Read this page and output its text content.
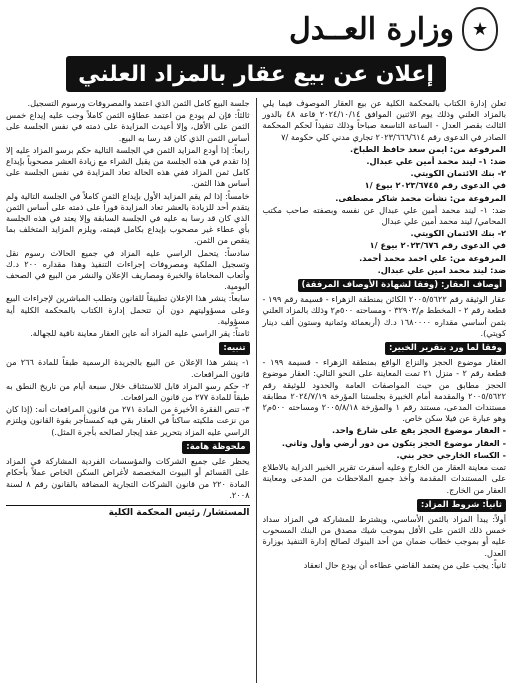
★
وزارة العــدل
إعلان عن بيع عقار بالمزاد العلني

تعلن إدارة الكتاب بالمحكمة الكلية عن بيع العقار الموصوف فيما يلي بالمزاد العلني وذلك يوم الاثنين الموافق ٢٠٢٤/١٠/١٤ قاعة ٤٨ بالدور الثالث بقصر العدل - الساعة التاسعة صباحاً وذلك تنفيذاً لحكم المحكمة الصادر في الدعوى رقم ٢٠٢٣/٦٦٦/٦١٤ تجاري مدني كلي حكومة /٧

المرفوعة من: ايمن سعد حافظ الطباخ.

ضد: ١- ليند محمد أمين علي عبدال.

٢- بنك الائتمان الكويتي.

في الدعوى رقم ٢٠٢٣/٦٧٤٥ بيوع /١

المرفوعة من: نشأت محمد شاكر مصطفى.

ضد: ١- ليند محمد أمين علي عبدال عن نفسه وبصفته صاحب مكتب المحامي/ ليند محمد أمين علي عبدال

٢- بنك الائتمان الكويتي.

في الدعوى رقم ٢٠٢٣/٦٧٦ بيوع /١

المرفوعة من: علي احمد محمد أحمد.

ضد: ليند محمد امين علي عبدال.

أوصاف العقار: (وفقا لشهادة الأوصاف المرفقة)

عقار الوثيقة رقم ٢٠٠٥/٥٦٢٢ الكائن بمنطقة الزهراء - قسيمة رقم ١٩٩ - قطعة رقم ٢ - المخطط م/٣٢٩٠٣ - ومساحته ٥٠٠م٢ وذلك بالمزاد العلني بثمن أساسي مقداره ١٦٨٠٠٠٠ د.ك (أربعمائة وثمانية وستون ألف دينار كويتي).

وفقا لما ورد بتقرير الخبير:

العقار موضوع الحجز والنزاع الواقع بمنطقة الزهراء - قسيمة ١٩٩ - قطعة رقم ٢ - منزل ٢١ تمت المعاينة على النحو التالي: العقار موضوع الحجز مطابق من حيث المواصفات العامة والحدود للوثيقة رقم ٢٠٠٥/٥٦٢٢ والمقدمة أمام الخبيرة بجلستنا المؤرخة ٢٠٢٤/٧/١٩ مطابقة مستندات المدعى، مستند رقم ١ والمؤرخة ٢٠٠٥/٨/١٨ ومساحته ٥٠٠م٢ وهو عبارة عن فيلا سكن خاص.

- العقار موضوع الحجز يقع على شارع واحد.

- العقار موضوع الحجز يتكون من دور أرضي وأول وثاني.

- الكساء الخارجي حجر بني.

تمت معاينة العقار من الخارج وعليه أسفرت تقرير الخبير الدراية بالاطلاع على المستندات المقدمة وأخذ جميع الملاحظات من المدعى ومعاينة العقار من الخارج.

ثانياً: شروط المزاد:

أولاً: يبدأ المزاد بالثمن الأساسي، ويشترط للمشاركة في المزاد سداد خمس ذلك الثمن على الأقل بموجب شيك مصدق من البنك المسحوب عليه أو بموجب خطاب ضمان من أحد البنوك لصالح إدارة التنفيذ بوزارة العدل.

ثانياً: يجب على من يعتمد القاضي عطاءه أن يودع حال انعقاد

جلسة البيع كامل الثمن الذي اعتمد والمصروفات ورسوم التسجيل.

ثالثاً: فإن لم يودع من اعتمد عطاؤه الثمن كاملاً وجب عليه إيداع خمس الثمن على الأقل، وإلا أعيدت المزايدة على ذمته في نفس الجلسة على أساس الثمن الذي كان قد رسا به البيع.

رابعاً: إذا أودع المزايد الثمن في الجلسة التالية حكم برسو المزاد عليه إلا إذا تقدم في هذه الجلسة من يقبل الشراء مع زيادة العشر مصحوباً بإيداع كامل ثمن المزاد ففي هذه الحالة تعاد المزايدة في نفس الجلسة على أساس هذا الثمن.

خامساً: إذا لم يقم المزايد الأول بإيداع الثمن كاملاً في الجلسة التالية ولم يتقدم أحد للزيادة بالعشر تعاد المزايدة فوراً على ذمته على أساس الثمن الذي كان قد رسا به عليه في الجلسة السابقة وإلا يعتد في هذه الجلسة بأي عطاء غير مصحوب بإيداع بكامل قيمته، ويلزم المزايد المتخلف بما ينقص من الثمن.

سادساً: يتحمل الراسي عليه المزاد في جميع الحالات رسوم نقل وتسجيل الملكية ومصروفات إجراءات التنفيذ وهذا مقداره ٢٠٠ د.ك وأتعاب المحاماة والخبرة ومصاريف الإعلان والنشر من البيع في الصحف اليومية.

سابعاً: ينشر هذا الإعلان تطبيقاً للقانون وتطلب المباشرين لإجراءات البيع وعلى مسؤوليتهم دون أن تتحمل إدارة الكتاب بالمحكمة الكلية أية مسؤولية.

ثامناً: يقر الراسي عليه المزاد أنه عاين العقار معاينة نافية للجهالة.

تنبيه:

١- ينشر هذا الإعلان عن البيع بالجريدة الرسمية طبقاً للمادة ٢٦٦ من قانون المرافعات.

٢- حكم رسو المزاد قابل للاستئناف خلال سبعة أيام من تاريخ النطق به طبقاً للمادة ٢٧٧ من قانون المرافعات.

٣- تنص الفقرة الأخيرة من المادة ٢٧١ من قانون المرافعات أنه: (إذا كان من نزعت ملكيته ساكناً في العقار بقي فيه كمستأجر بقوة القانون ويلتزم الراسي عليه المزاد بتحرير عقد إيجار لصالحه بأجرة المثل.)

ملحوظة هامة:

يحظر على جميع الشركات والمؤسسات الفردية المشاركة في المزاد على القسائم أو البيوت المخصصة لأغراض السكن الخاص عملاً بأحكام المادة ٢٢٠ من قانون الشركات التجارية المضافة بالقانون رقم ٨ لسنة ٢٠٠٨.

المستشار/ رئيس المحكمة الكلية
